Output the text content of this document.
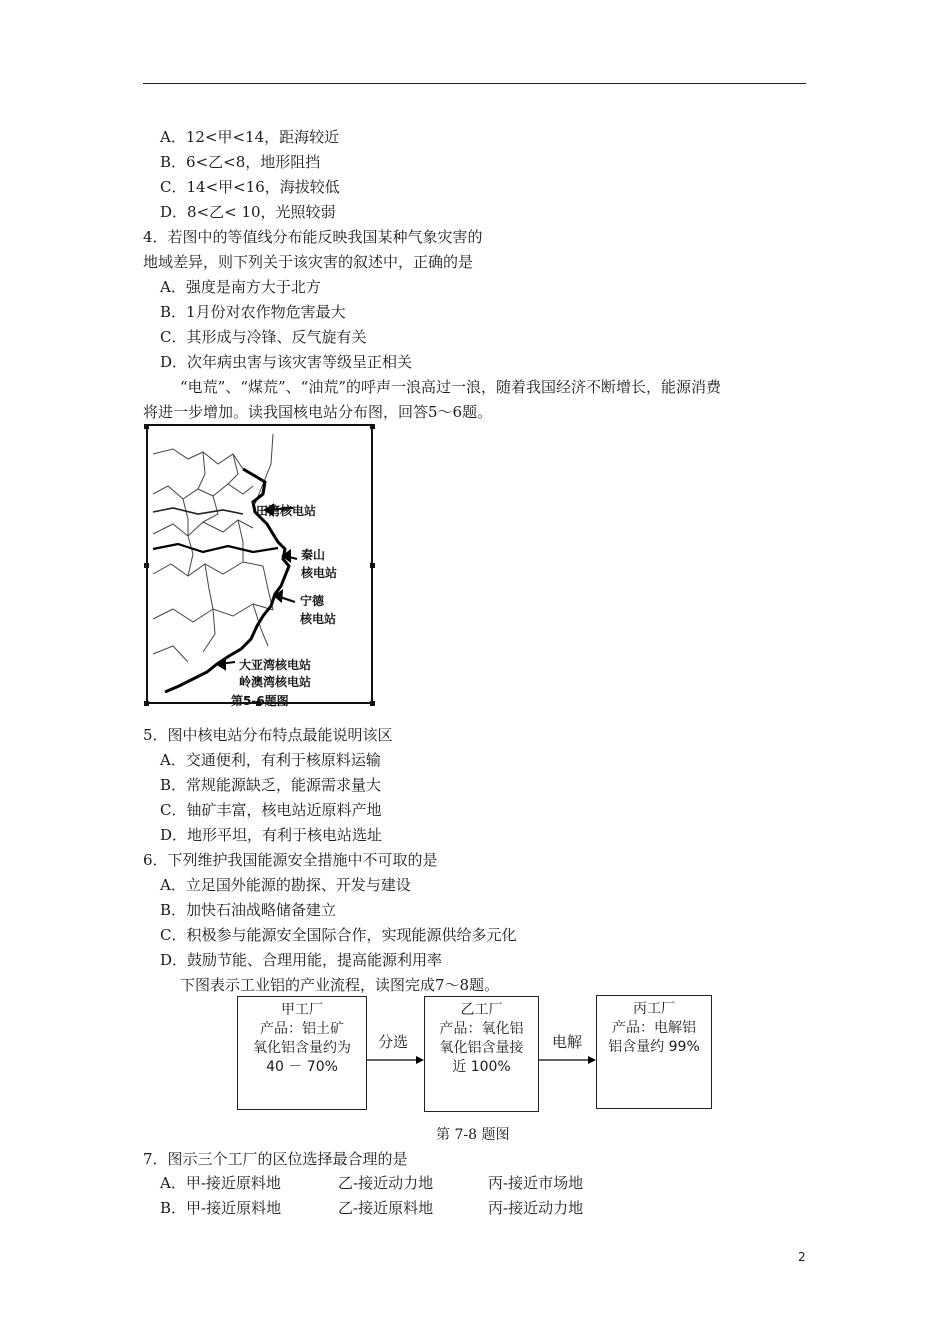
A．12<甲<14，距海较近
B．6<乙<8，地形阻挡
C．14<甲<16，海拔较低
D．8<乙< 10，光照较弱
4．若图中的等值线分布能反映我国某种气象灾害的
地域差异，则下列关于该灾害的叙述中，正确的是
A．强度是南方大于北方
B．1月份对农作物危害最大
C．其形成与冷锋、反气旋有关
D．次年病虫害与该灾害等级呈正相关
“电荒”、“煤荒”、“油荒”的呼声一浪高过一浪，随着我国经济不断增长，能源消费
将进一步增加。读我国核电站分布图，回答5～6题。
田湾核电站
秦山
核电站
宁德
核电站
大亚湾核电站
岭澳湾核电站
第5-6题图
5．图中核电站分布特点最能说明该区
A．交通便利，有利于核原料运输
B．常规能源缺乏，能源需求量大
C．铀矿丰富，核电站近原料产地
D．地形平坦，有利于核电站选址
6．下列维护我国能源安全措施中不可取的是
A．立足国外能源的勘探、开发与建设
B．加快石油战略储备建立
C．积极参与能源安全国际合作，实现能源供给多元化
D．鼓励节能、合理用能，提高能源利用率
下图表示工业铝的产业流程，读图完成7～8题。
甲工厂
产品：铝土矿
氧化铝含量约为
40 － 70%
乙工厂
产品：氧化铝
氧化铝含量接
近 100%
丙工厂
产品：电解铝
铝含量约 99%
分选	电解
第 7-8 题图
7．图示三个工厂的区位选择最合理的是
A．甲-接近原料地	乙-接近动力地	丙-接近市场地
B．甲-接近原料地	乙-接近原料地	丙-接近动力地
2
